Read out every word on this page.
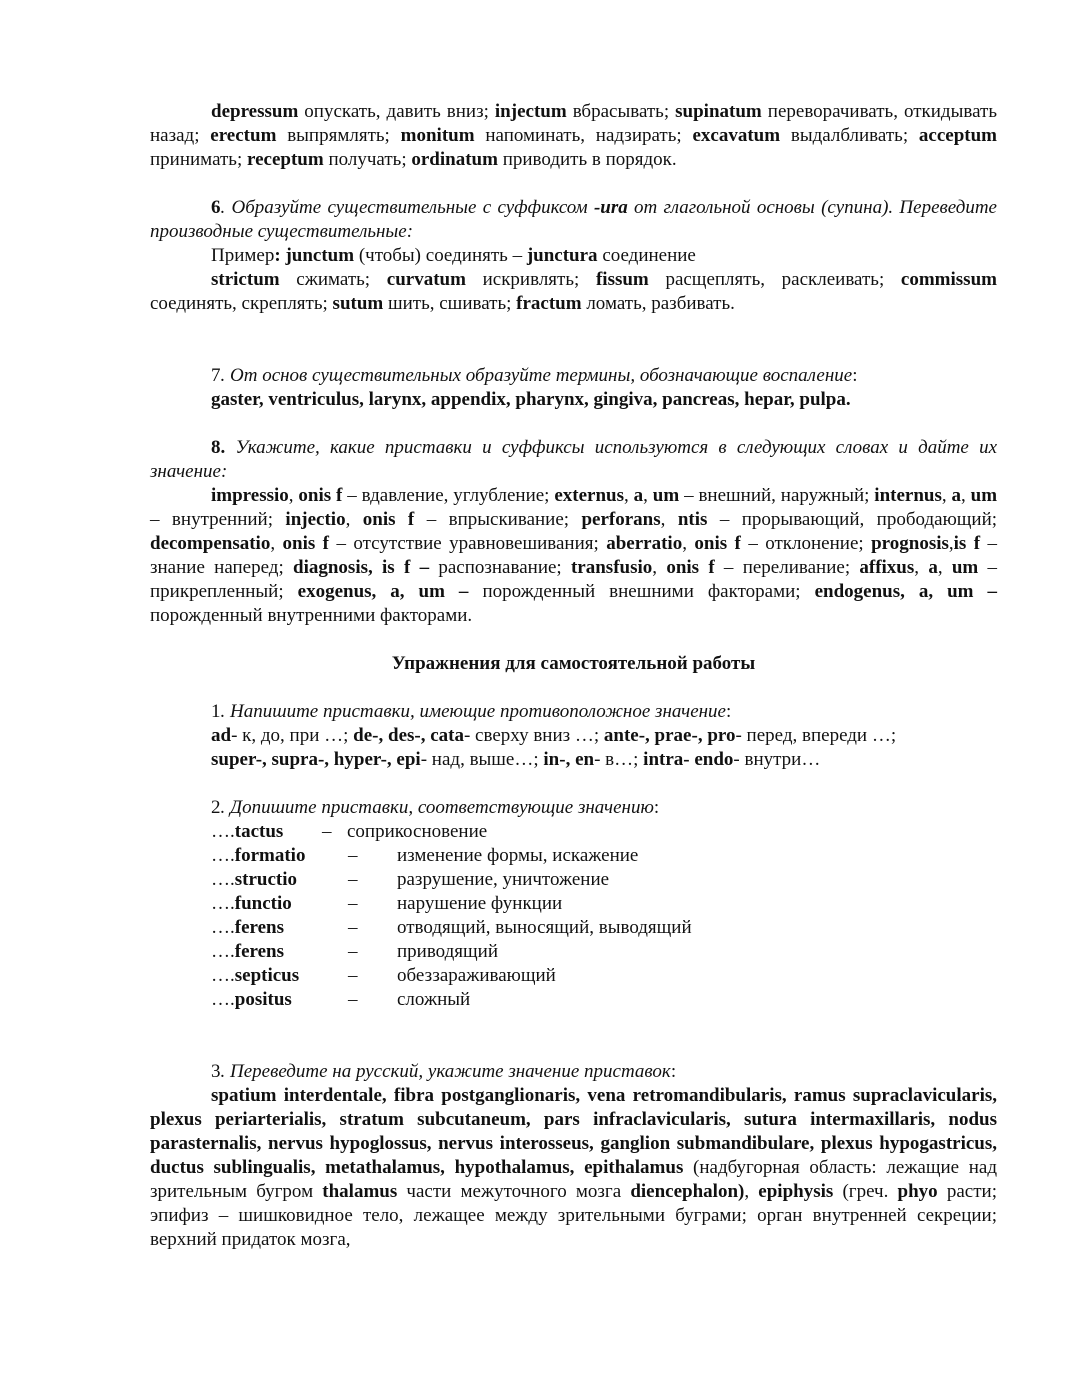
depressum опускать, давить вниз; injectum вбрасывать; supinatum переворачивать, откидывать назад; erectum выпрямлять; monitum напоминать, надзирать; excavatum выдалбливать; acceptum принимать; receptum получать; ordinatum приводить в порядок.

6. Образуйте существительные с суффиксом -ura от глагольной основы (супина). Переведите производные существительные:

Пример: junctum (чтобы) соединять – junctura соединение

strictum сжимать; curvatum искривлять; fissum расщеплять, расклеивать; commissum соединять, скреплять; sutum шить, сшивать; fractum ломать, разбивать.

7. От основ существительных образуйте термины, обозначающие воспаление:

gaster, ventriculus, larynx, appendix, pharynx, gingiva, pancreas, hepar, pulpa.

8. Укажите, какие приставки и суффиксы используются в следующих словах и дайте их значение:

impressio, onis f – вдавление, углубление; externus, a, um – внешний, наружный; internus, a, um – внутренний; injectio, onis f – впрыскивание; perforans, ntis – прорывающий, прободающий; decompensatio, onis f – отсутствие уравновешивания; aberratio, onis f – отклонение; prognosis,is f – знание наперед; diagnosis, is f – распознавание; transfusio, onis f – переливание; affixus, a, um – прикрепленный; exogenus, a, um – порожденный внешними факторами; endogenus, a, um – порожденный внутренними факторами.

Упражнения для самостоятельной работы

1. Напишите приставки, имеющие противоположное значение:

ad- к, до, при …; de-, des-, cata- сверху вниз …; ante-, prae-, pro- перед, впереди …;

super-, supra-, hyper-, epi- над, выше…; in-, en- в…; intra- endo- внутри…

2. Допишите приставки, соответствующие значению:

….tactus – соприкосновение
….formatio – изменение формы, искажение
….structio	– разрушение, уничтожение
….functio	– нарушение функции
….ferens	– отводящий, выносящий, выводящий
….ferens	– приводящий
….septicus	– обеззараживающий
….positus	– сложный

3. Переведите на русский, укажите значение приставок:

spatium interdentale, fibra postganglionaris, vena retromandibularis, ramus supraclavicularis, plexus periarterialis, stratum subcutaneum, pars infraclavicularis, sutura intermaxillaris, nodus parasternalis, nervus hypoglossus, nervus interosseus, ganglion submandibulare, plexus hypogastricus, ductus sublingualis, metathalamus, hypothalamus, epithalamus (надбугорная область: лежащие над зрительным бугром thalamus части межуточного мозга diencephalon), epiphysis (греч. phyo расти; эпифиз – шишковидное тело, лежащее между зрительными буграми; орган внутренней секреции; верхний придаток мозга,
